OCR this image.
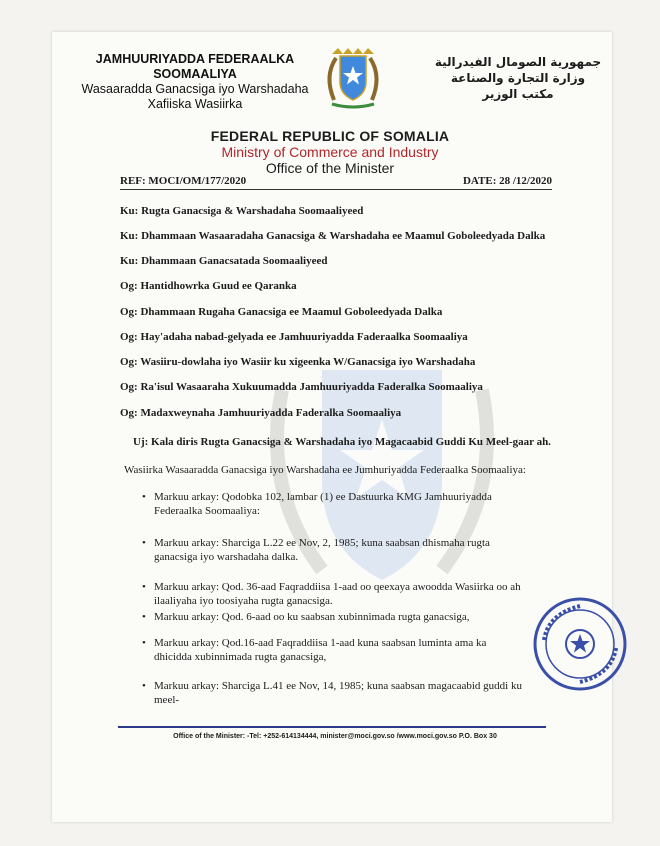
JAMHUURIYADDA FEDERAALKA SOOMAALIYA
Wasaaradda Ganacsiga iyo Warshadaha
Xafiiska Wasiirka
جمهورية الصومال الفيدرالية
وزارة التجارة والصناعة
مكتب الوزير
FEDERAL REPUBLIC OF SOMALIA
Ministry of Commerce and Industry
Office of the Minister
REF: MOCI/OM/177/2020	DATE: 28 /12/2020
Ku: Rugta Ganacsiga & Warshadaha Soomaaliyeed
Ku: Dhammaan Wasaaradaha Ganacsiga & Warshadaha ee Maamul Goboleedyada Dalka
Ku: Dhammaan Ganacsatada Soomaaliyeed
Og: Hantidhowrka Guud ee Qaranka
Og: Dhammaan Rugaha Ganacsiga ee Maamul Goboleedyada Dalka
Og: Hay'adaha nabad-gelyada ee Jamhuuriyadda Faderaalka Soomaaliya
Og: Wasiiru-dowlaha iyo Wasiir ku xigeenka W/Ganacsiga iyo Warshadaha
Og: Ra'isul Wasaaraha Xukuumadda Jamhuuriyadda Faderalka Soomaaliya
Og: Madaxweynaha Jamhuuriyadda Faderalka Soomaaliya
Uj: Kala diris Rugta Ganacsiga & Warshadaha iyo Magacaabid Guddi Ku Meel-gaar ah.
Wasiirka Wasaaradda Ganacsiga iyo Warshadaha ee Jumhuriyadda Federaalka Soomaaliya:
• Markuu arkay: Qodobka 102, lambar (1) ee Dastuurka KMG Jamhuuriyadda Federaalka Soomaaliya:
• Markuu arkay: Sharciga L.22 ee Nov, 2, 1985; kuna saabsan dhismaha rugta ganacsiga iyo warshadaha dalka.
• Markuu arkay: Qod. 36-aad Faqraddiisa 1-aad oo qeexaya awoodda Wasiirka oo ah ilaaliyaha iyo toosiyaha rugta ganacsiga.
• Markuu arkay: Qod. 6-aad oo ku saabsan xubinnimada rugta ganacsiga,
• Markuu arkay: Qod.16-aad Faqraddiisa 1-aad kuna saabsan luminta ama ka dhicidda xubinnimada rugta ganacsiga,
• Markuu arkay: Sharciga L.41 ee Nov, 14, 1985; kuna saabsan magacaabid guddi ku meel-
Office of the Minister: -Tel: +252-614134444, minister@moci.gov.so /www.moci.gov.so P.O. Box 30
